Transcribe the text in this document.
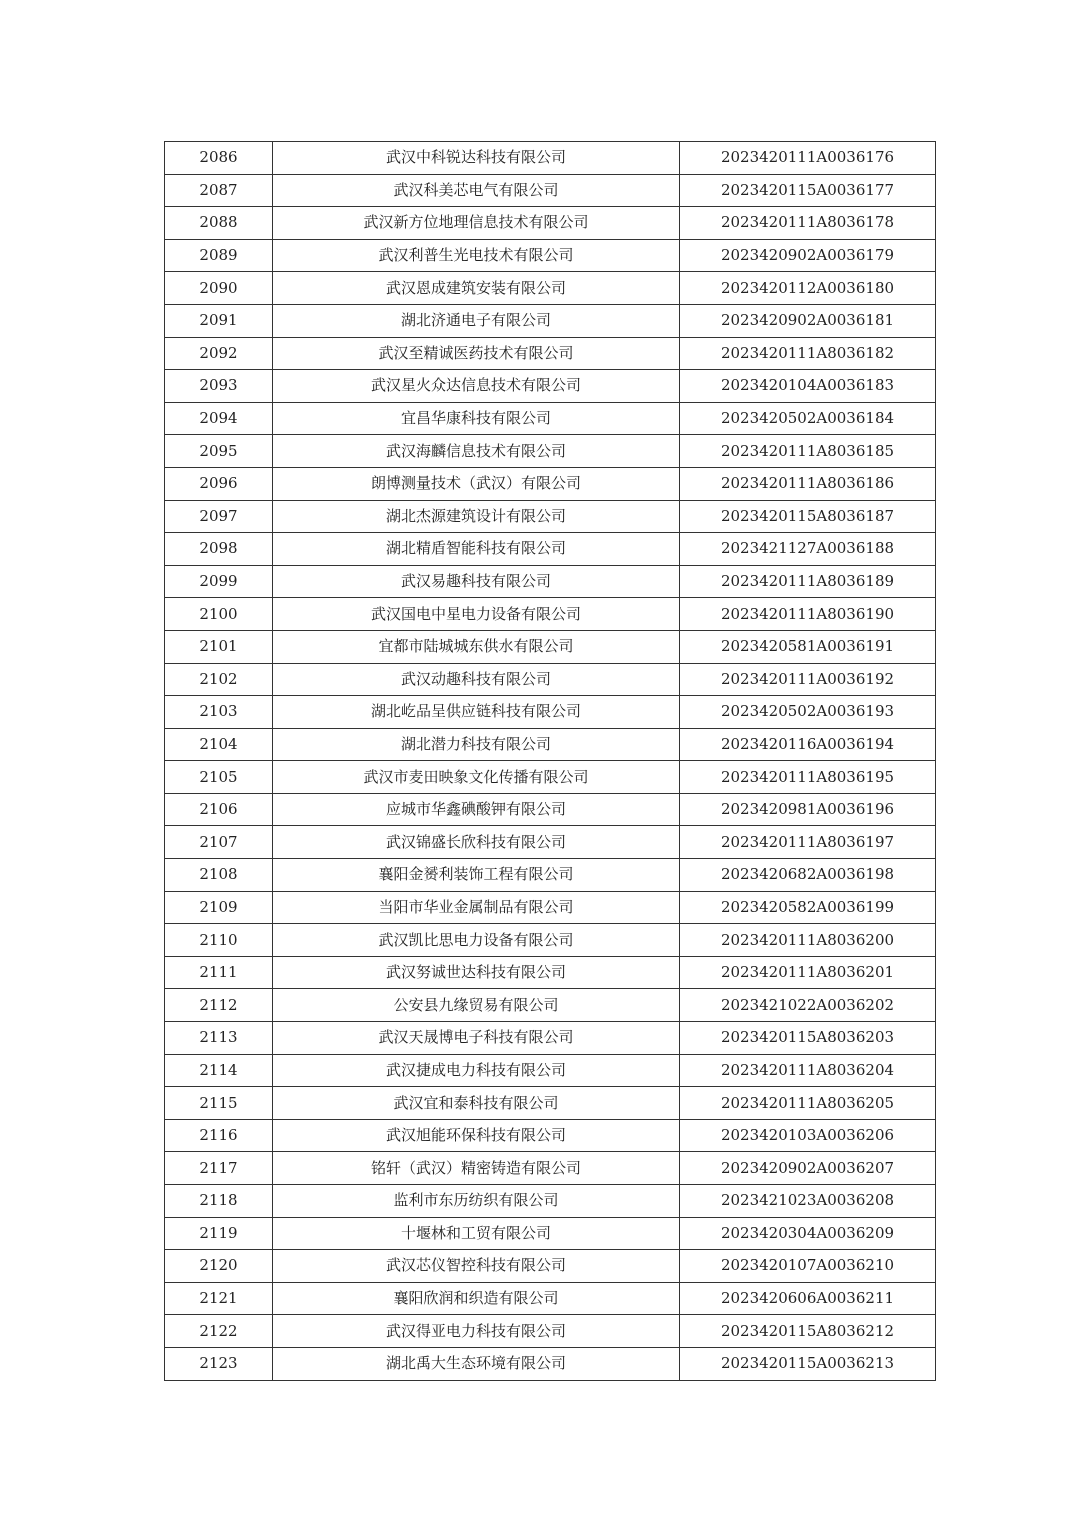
2086	武汉中科锐达科技有限公司	2023420111A0036176
2087	武汉科美芯电气有限公司	2023420115A0036177
2088	武汉新方位地理信息技术有限公司	2023420111A8036178
2089	武汉利普生光电技术有限公司	2023420902A0036179
2090	武汉恩成建筑安装有限公司	2023420112A0036180
2091	湖北济通电子有限公司	2023420902A0036181
2092	武汉至精诚医药技术有限公司	2023420111A8036182
2093	武汉星火众达信息技术有限公司	2023420104A0036183
2094	宜昌华康科技有限公司	2023420502A0036184
2095	武汉海麟信息技术有限公司	2023420111A8036185
2096	朗博测量技术（武汉）有限公司	2023420111A8036186
2097	湖北杰源建筑设计有限公司	2023420115A8036187
2098	湖北精盾智能科技有限公司	2023421127A0036188
2099	武汉易趣科技有限公司	2023420111A8036189
2100	武汉国电中星电力设备有限公司	2023420111A8036190
2101	宜都市陆城城东供水有限公司	2023420581A0036191
2102	武汉动趣科技有限公司	2023420111A0036192
2103	湖北屹品呈供应链科技有限公司	2023420502A0036193
2104	湖北潜力科技有限公司	2023420116A0036194
2105	武汉市麦田映象文化传播有限公司	2023420111A8036195
2106	应城市华鑫碘酸钾有限公司	2023420981A0036196
2107	武汉锦盛长欣科技有限公司	2023420111A8036197
2108	襄阳金赟利装饰工程有限公司	2023420682A0036198
2109	当阳市华业金属制品有限公司	2023420582A0036199
2110	武汉凯比思电力设备有限公司	2023420111A8036200
2111	武汉努诚世达科技有限公司	2023420111A8036201
2112	公安县九缘贸易有限公司	2023421022A0036202
2113	武汉天晟博电子科技有限公司	2023420115A8036203
2114	武汉捷成电力科技有限公司	2023420111A8036204
2115	武汉宜和泰科技有限公司	2023420111A8036205
2116	武汉旭能环保科技有限公司	2023420103A0036206
2117	铭轩（武汉）精密铸造有限公司	2023420902A0036207
2118	监利市东历纺织有限公司	2023421023A0036208
2119	十堰林和工贸有限公司	2023420304A0036209
2120	武汉芯仪智控科技有限公司	2023420107A0036210
2121	襄阳欣润和织造有限公司	2023420606A0036211
2122	武汉得亚电力科技有限公司	2023420115A8036212
2123	湖北禹大生态环境有限公司	2023420115A0036213
